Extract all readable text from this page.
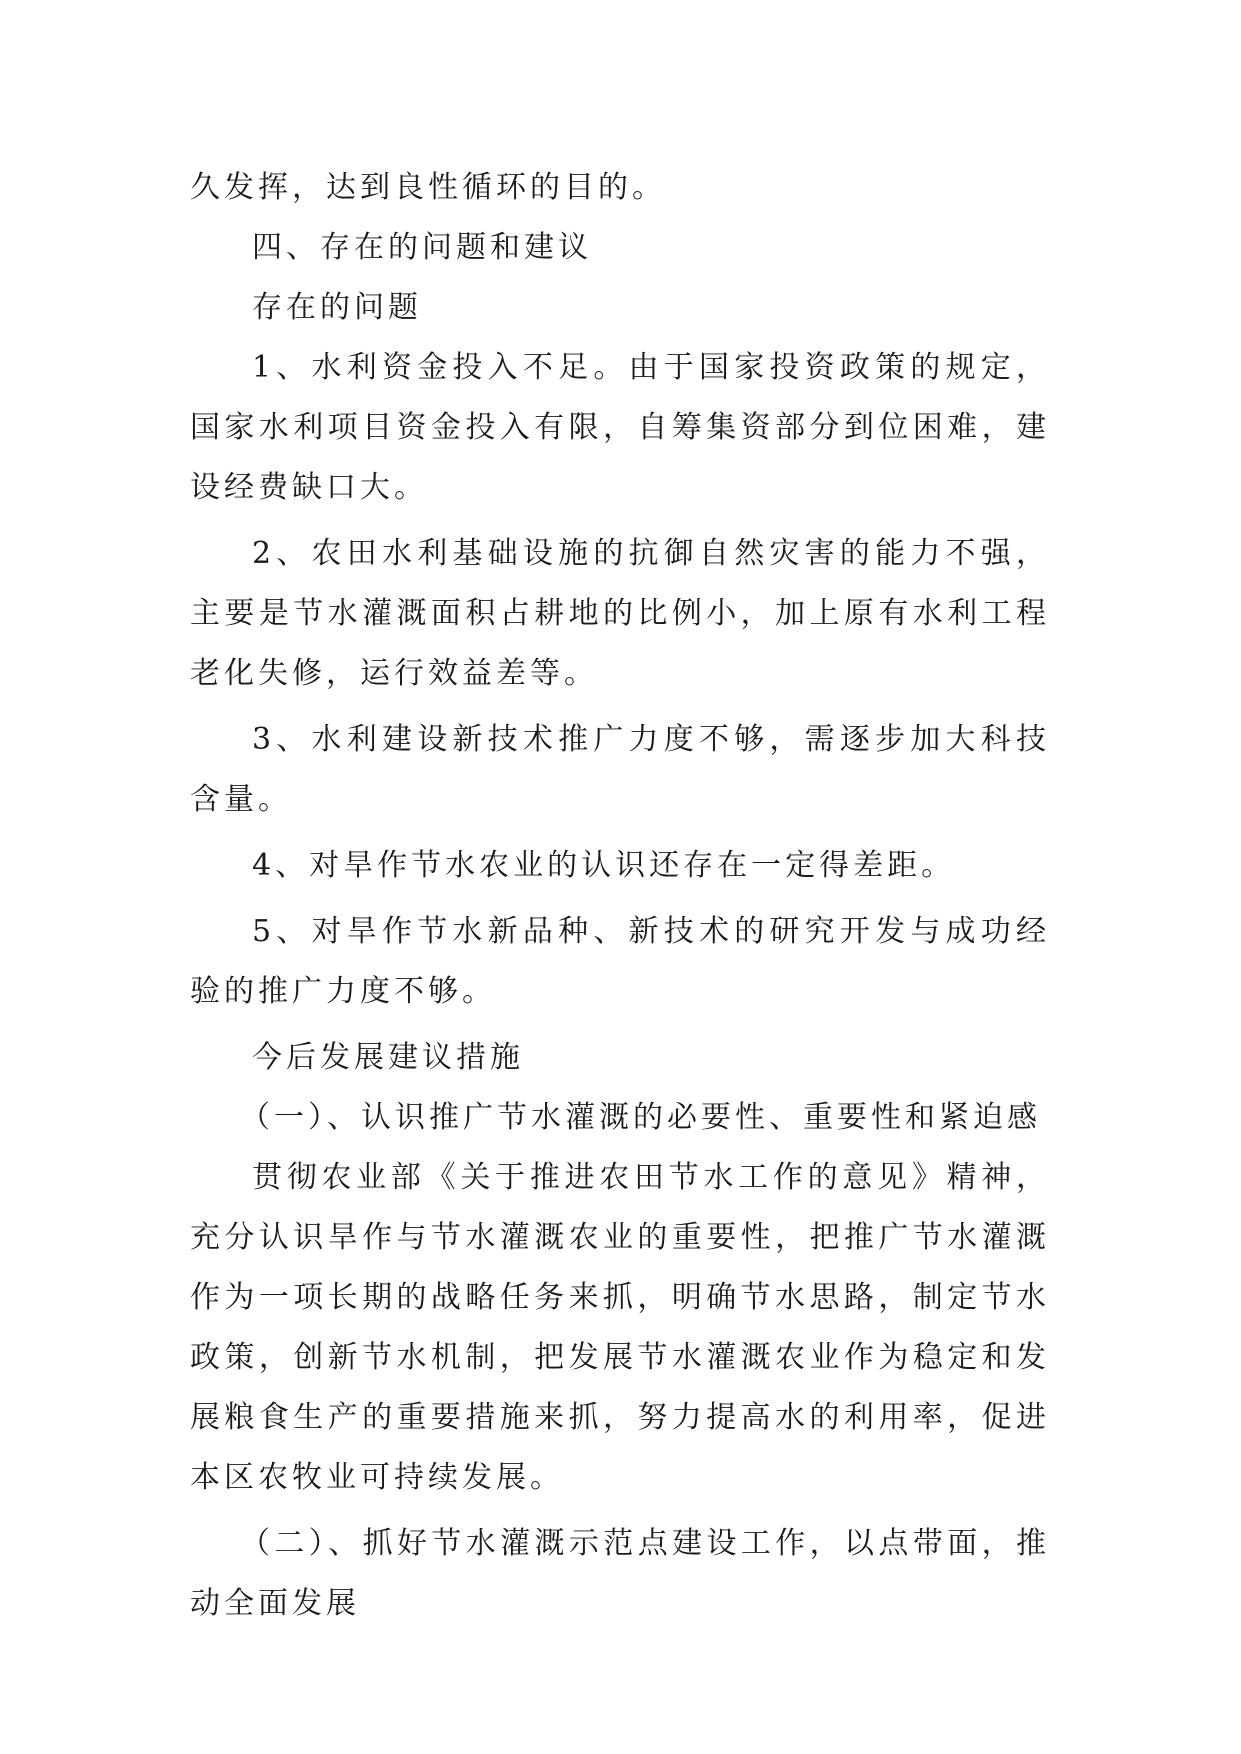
久发挥，达到良性循环的目的。

四、存在的问题和建议

存在的问题

1、水利资金投入不足。由于国家投资政策的规定，国家水利项目资金投入有限，自筹集资部分到位困难，建设经费缺口大。

2、农田水利基础设施的抗御自然灾害的能力不强，主要是节水灌溉面积占耕地的比例小，加上原有水利工程老化失修，运行效益差等。

3、水利建设新技术推广力度不够，需逐步加大科技含量。

4、对旱作节水农业的认识还存在一定得差距。

5、对旱作节水新品种、新技术的研究开发与成功经验的推广力度不够。

今后发展建议措施

（一）、认识推广节水灌溉的必要性、重要性和紧迫感

贯彻农业部《关于推进农田节水工作的意见》精神，充分认识旱作与节水灌溉农业的重要性，把推广节水灌溉作为一项长期的战略任务来抓，明确节水思路，制定节水政策，创新节水机制，把发展节水灌溉农业作为稳定和发展粮食生产的重要措施来抓，努力提高水的利用率，促进本区农牧业可持续发展。

（二）、抓好节水灌溉示范点建设工作，以点带面，推动全面发展
